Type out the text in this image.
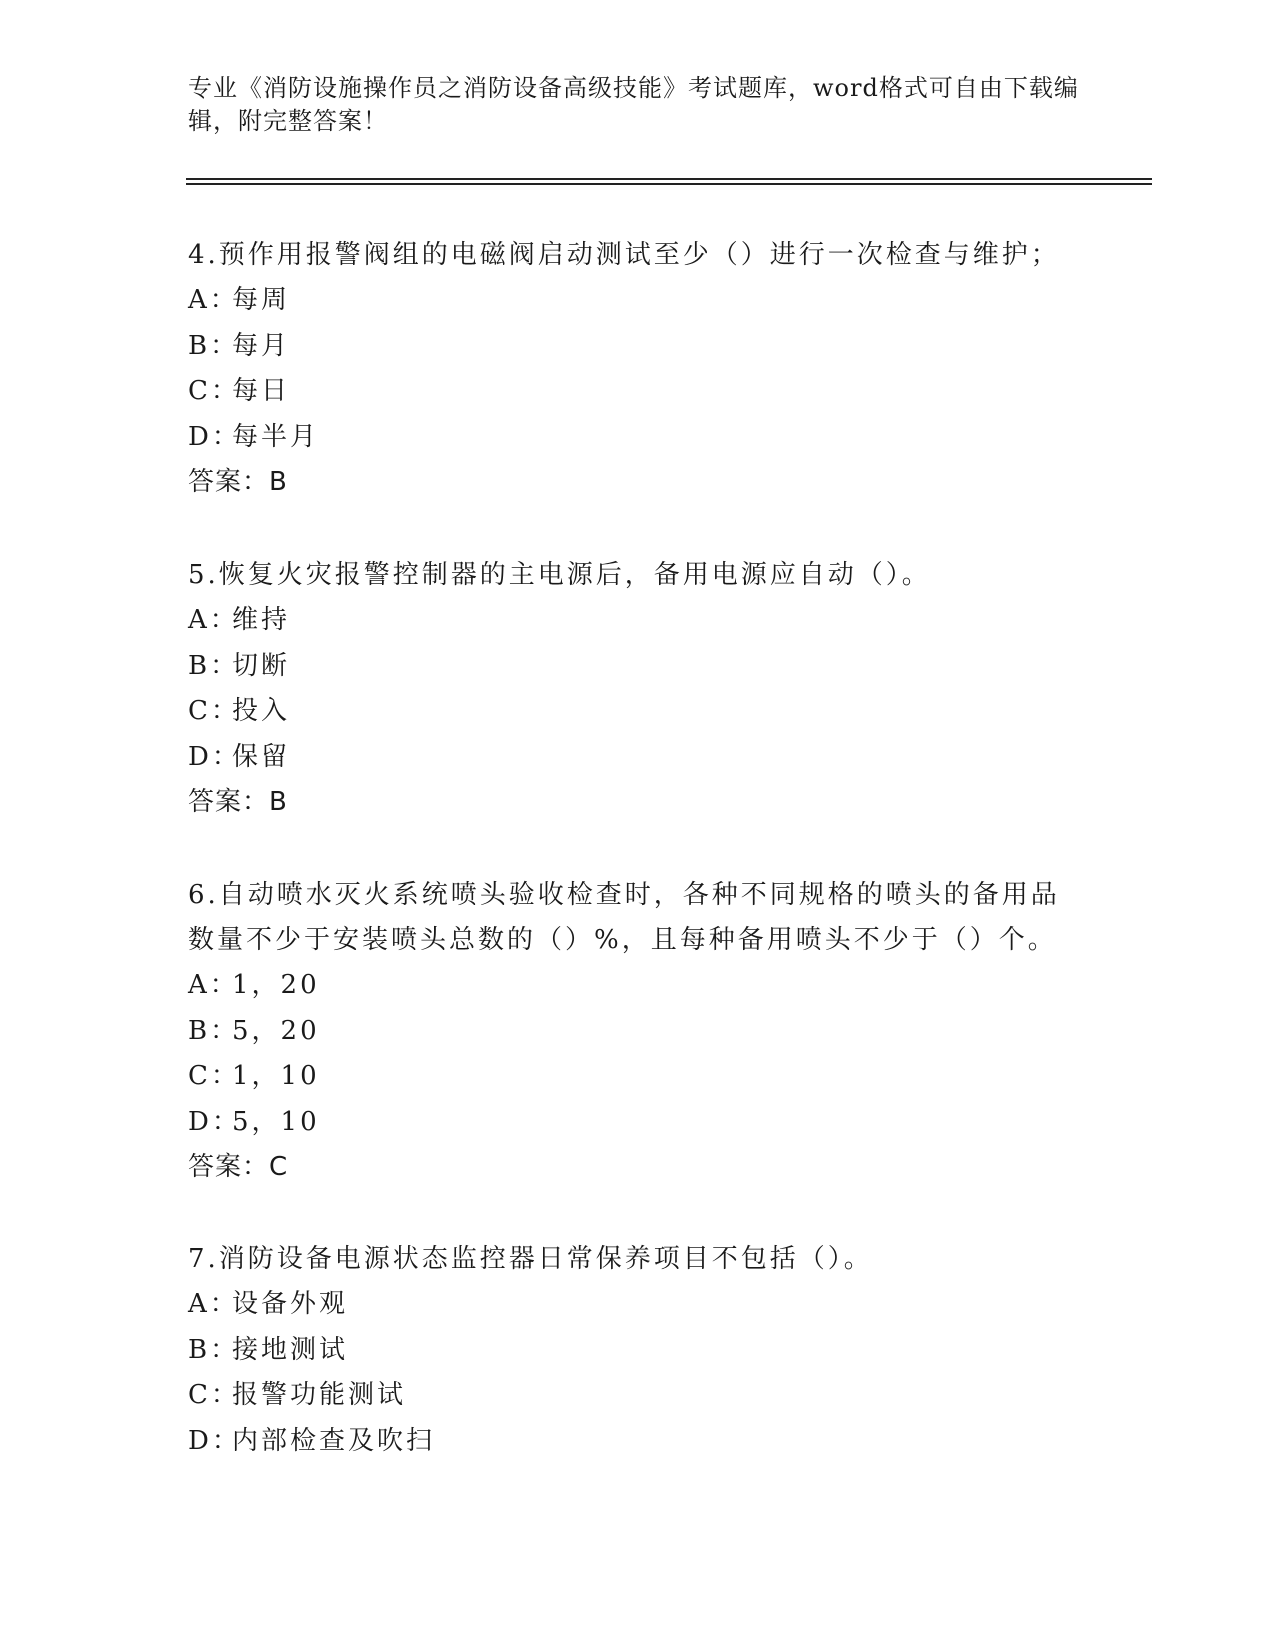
专业《消防设施操作员之消防设备高级技能》考试题库，word格式可自由下载编辑，附完整答案！
4.预作用报警阀组的电磁阀启动测试至少（）进行一次检查与维护；
A：每周
B：每月
C：每日
D：每半月
答案：B
5.恢复火灾报警控制器的主电源后，备用电源应自动（）。
A：维持
B：切断
C：投入
D：保留
答案：B
6.自动喷水灭火系统喷头验收检查时，各种不同规格的喷头的备用品数量不少于安装喷头总数的（）%，且每种备用喷头不少于（）个。
A：1，20
B：5，20
C：1，10
D：5，10
答案：C
7.消防设备电源状态监控器日常保养项目不包括（）。
A：设备外观
B：接地测试
C：报警功能测试
D：内部检查及吹扫
